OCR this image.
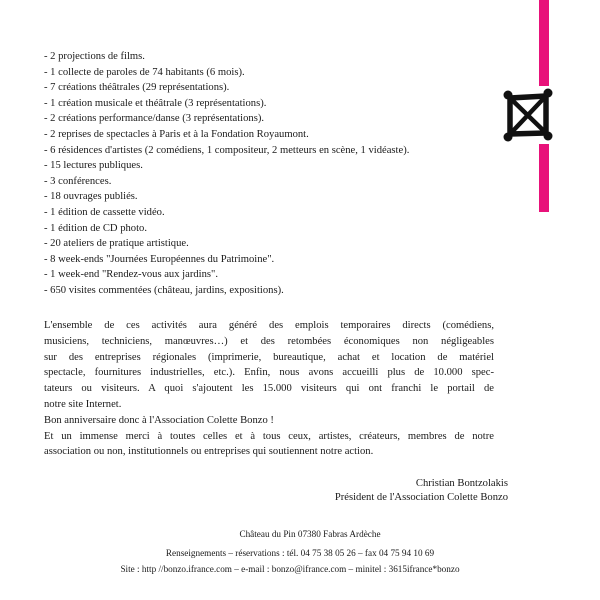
- 2 projections de films.
- 1 collecte de paroles de 74 habitants (6 mois).
- 7 créations théâtrales (29 représentations).
- 1 création musicale et théâtrale (3 représentations).
- 2 créations performance/danse (3 représentations).
- 2 reprises de spectacles à Paris et à la Fondation Royaumont.
- 6 résidences d'artistes (2 comédiens, 1 compositeur, 2 metteurs en scène, 1 vidéaste).
- 15 lectures publiques.
- 3 conférences.
- 18 ouvrages publiés.
- 1 édition de cassette vidéo.
- 1 édition de CD photo.
- 20 ateliers de pratique artistique.
- 8 week-ends "Journées Européennes du Patrimoine".
- 1 week-end "Rendez-vous aux jardins".
- 650 visites commentées (château, jardins, expositions).
L'ensemble de ces activités aura généré des emplois temporaires directs (comédiens,
musiciens, techniciens, manœuvres…) et des retombées économiques non négligeables
sur des entreprises régionales (imprimerie, bureautique, achat et location de matériel
spectacle, fournitures industrielles, etc.). Enfin, nous avons accueilli plus de 10.000 spec-
tateurs ou visiteurs. A quoi s'ajoutent les 15.000 visiteurs qui ont franchi le portail de
notre site Internet.
Bon anniversaire donc à l'Association Colette Bonzo !
Et un immense merci à toutes celles et à tous ceux, artistes, créateurs, membres de notre
association ou non, institutionnels ou entreprises qui soutiennent notre action.
Christian Bontzolakis
Président de l'Association Colette Bonzo
Château du Pin 07380 Fabras Ardèche
Renseignements – réservations : tél. 04 75 38 05 26 – fax 04 75 94 10 69
Site : http //bonzo.ifrance.com – e-mail : bonzo@ifrance.com – minitel : 3615ifrance*bonzo
